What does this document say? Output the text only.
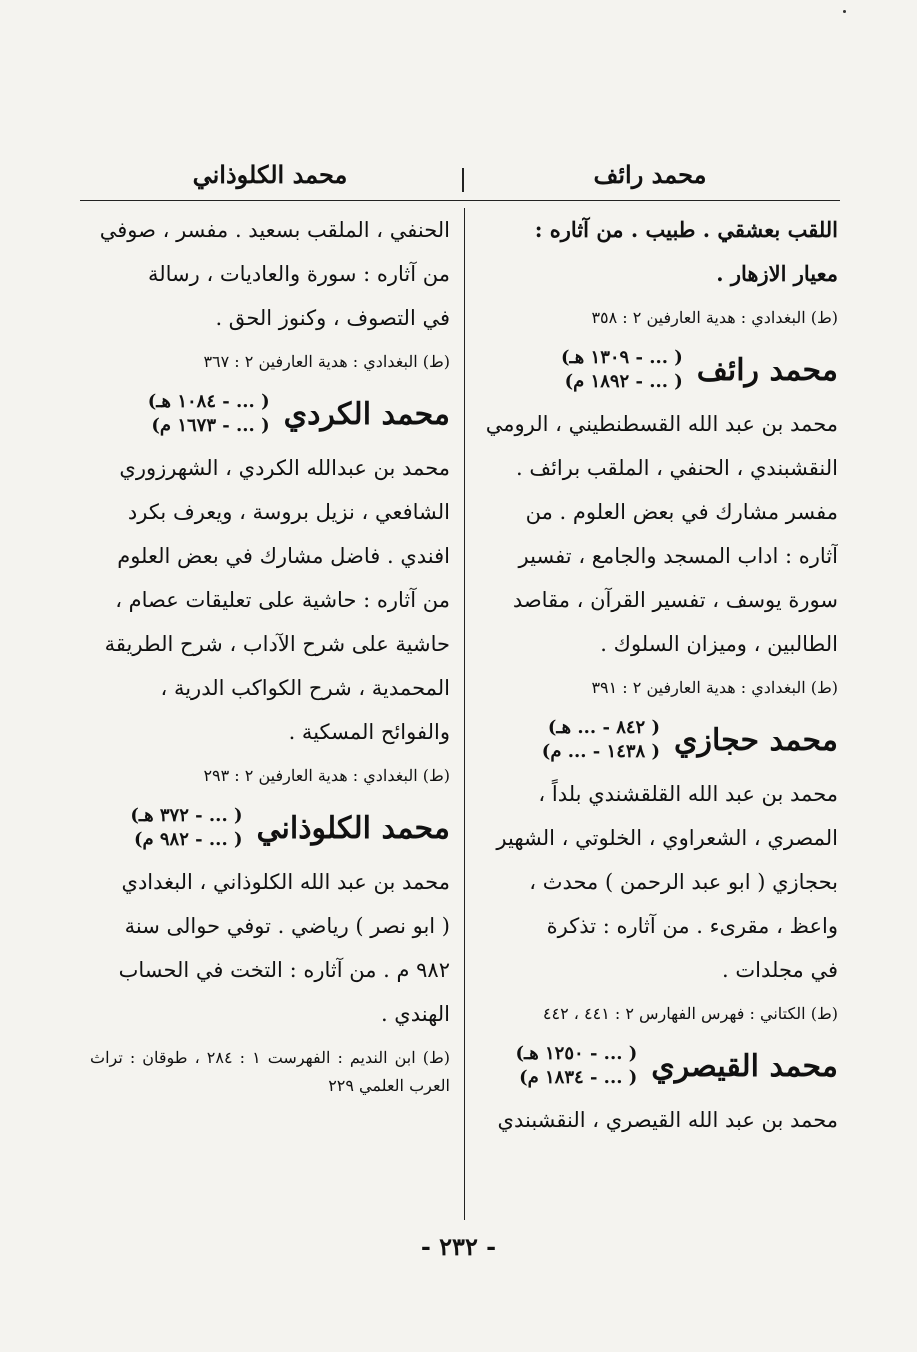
محمد رائف
محمد الكلوذاني

اللقب بعشقي . طبيب . من آثاره :

معيار الازهار .

(ط) البغدادي : هدية العارفين ٢ : ٣٥٨
محمد رائف
( ... - ١٣٠٩ هـ)
( ... - ١٨٩٢ م)

محمد بن عبد الله القسطنطيني ، الرومي

النقشبندي ، الحنفي ، الملقب برائف .

مفسر مشارك في بعض العلوم . من

آثاره : اداب المسجد والجامع ، تفسير

سورة يوسف ، تفسير القرآن ، مقاصد

الطالبين ، وميزان السلوك .

(ط) البغدادي : هدية العارفين ٢ : ٣٩١
محمد حجازي
( ٨٤٢ - ... هـ)
( ١٤٣٨ - ... م)

محمد بن عبد الله القلقشندي بلداً ،

المصري ، الشعراوي ، الخلوتي ، الشهير

بحجازي ( ابو عبد الرحمن ) محدث ،

واعظ ، مقرىء . من آثاره : تذكرة

في مجلدات .

(ط) الكتاني : فهرس الفهارس ٢ : ٤٤١ ، ٤٤٢
محمد القيصري
( ... - ١٢٥٠ هـ)
( ... - ١٨٣٤ م)

محمد بن عبد الله القيصري ، النقشبندي

الحنفي ، الملقب بسعيد . مفسر ، صوفي

من آثاره : سورة والعاديات ، رسالة

في التصوف ، وكنوز الحق .

(ط) البغدادي : هدية العارفين ٢ : ٣٦٧
محمد الكردي
( ... - ١٠٨٤ هـ)
( ... - ١٦٧٣ م)

محمد بن عبدالله الكردي ، الشهرزوري

الشافعي ، نزيل بروسة ، ويعرف بكرد

افندي . فاضل مشارك في بعض العلوم

من آثاره : حاشية على تعليقات عصام ،

حاشية على شرح الآداب ، شرح الطريقة

المحمدية ، شرح الكواكب الدرية ،

والفوائح المسكية .

(ط) البغدادي : هدية العارفين ٢ : ٢٩٣
محمد الكلوذاني
( ... - ٣٧٢ هـ)
( ... - ٩٨٢ م)

محمد بن عبد الله الكلوذاني ، البغدادي

( ابو نصر ) رياضي . توفي حوالى سنة

٩٨٢ م . من آثاره : التخت في الحساب

الهندي .

(ط) ابن النديم : الفهرست ١ : ٢٨٤ ، طوقان : تراث العرب العلمي ٢٢٩
- ٢٣٢ -
